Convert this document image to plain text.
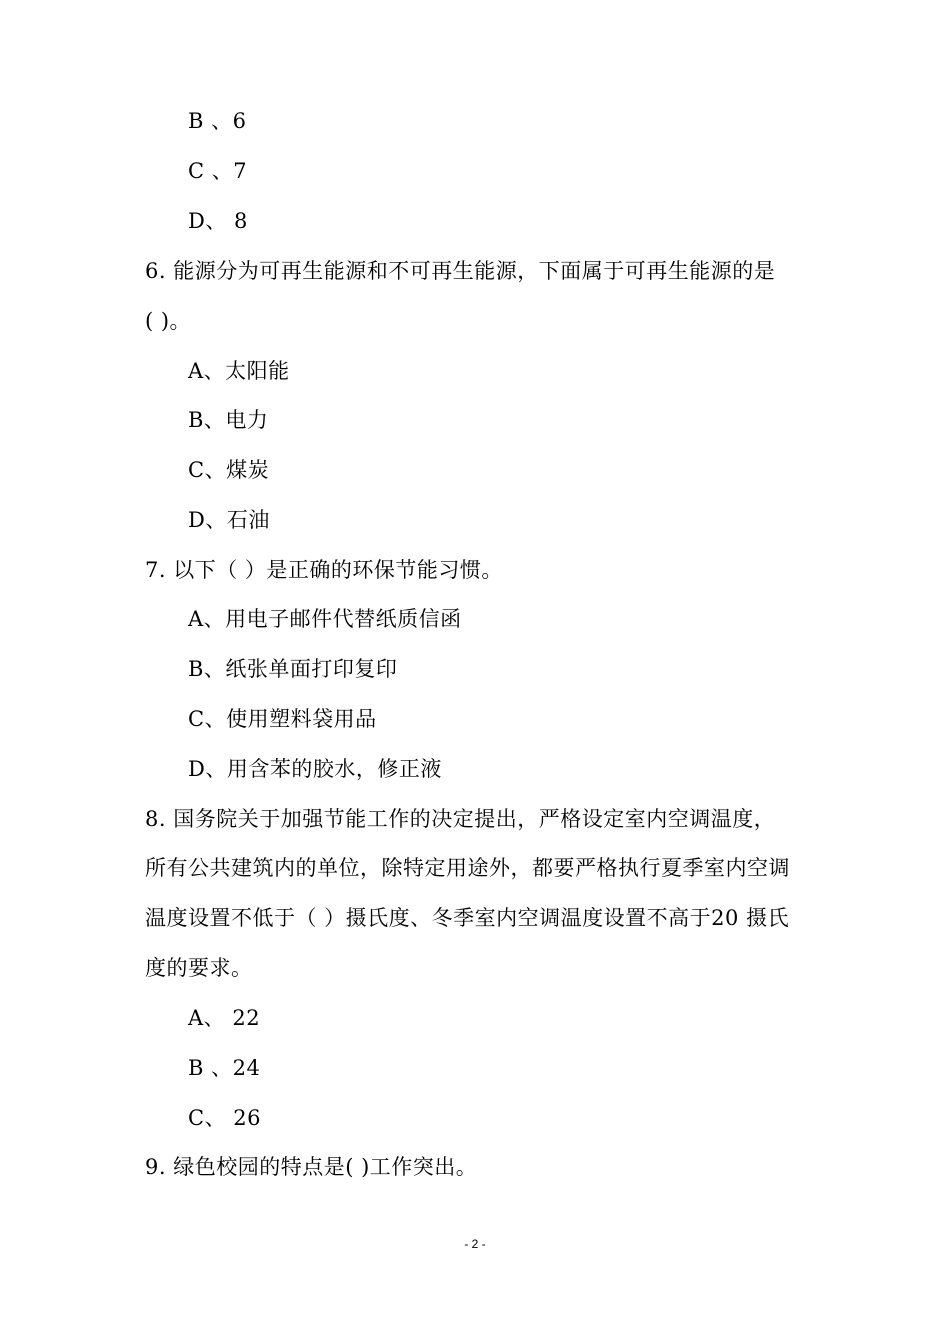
B 、6
C 、7
D、 8
6. 能源分为可再生能源和不可再生能源，下面属于可再生能源的是
( )。
A、太阳能
B、电力
C、煤炭
D、石油
7. 以下（ ）是正确的环保节能习惯。
A、用电子邮件代替纸质信函
B、纸张单面打印复印
C、使用塑料袋用品
D、用含苯的胶水，修正液
8. 国务院关于加强节能工作的决定提出，严格设定室内空调温度，
所有公共建筑内的单位，除特定用途外，都要严格执行夏季室内空调
温度设置不低于（ ）摄氏度、冬季室内空调温度设置不高于20 摄氏
度的要求。
A、 22
B 、24
C、 26
9. 绿色校园的特点是( )工作突出。
- 2 -
